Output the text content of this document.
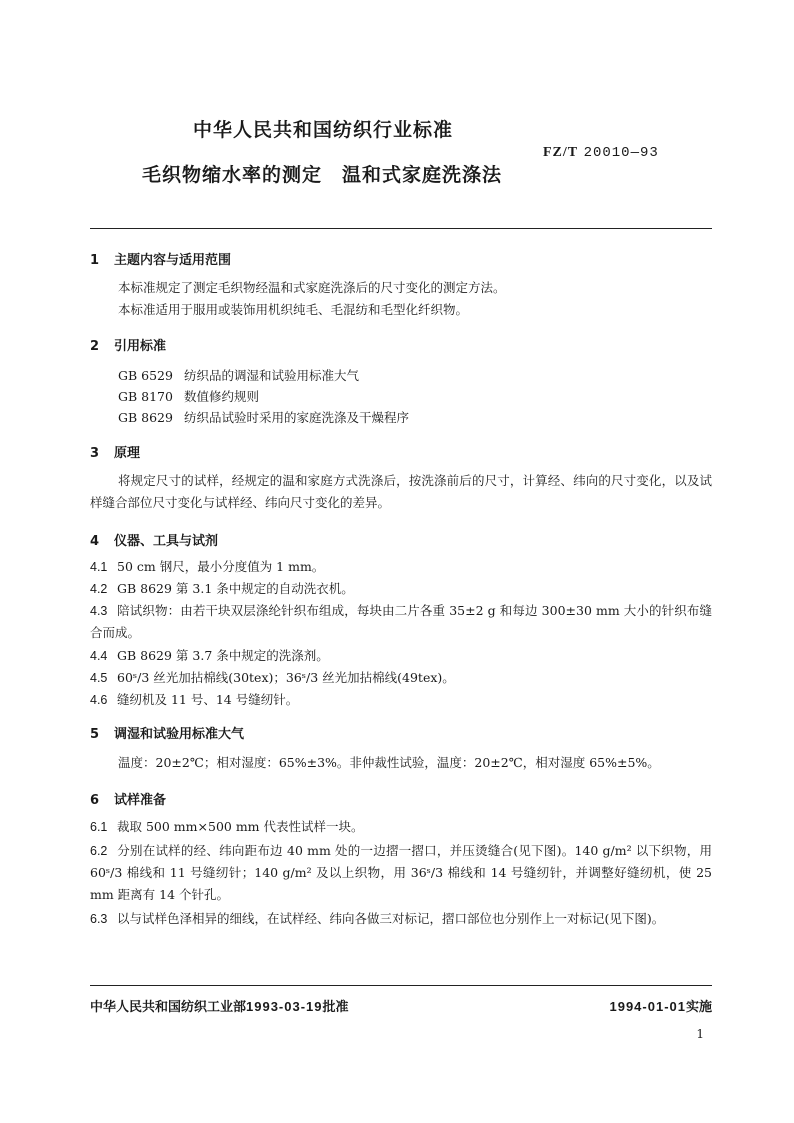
中华人民共和国纺织行业标准
FZ/T 20010—93
毛织物缩水率的测定　温和式家庭洗涤法
1 主题内容与适用范围
本标准规定了测定毛织物经温和式家庭洗涤后的尺寸变化的测定方法。
本标准适用于服用或装饰用机织纯毛、毛混纺和毛型化纤织物。
2 引用标准
GB 6529 纺织品的调湿和试验用标准大气
GB 8170 数值修约规则
GB 8629 纺织品试验时采用的家庭洗涤及干燥程序
3 原理
将规定尺寸的试样，经规定的温和家庭方式洗涤后，按洗涤前后的尺寸，计算经、纬向的尺寸变化，以及试样缝合部位尺寸变化与试样经、纬向尺寸变化的差异。
4 仪器、工具与试剂
4.1 50 cm 钢尺，最小分度值为 1 mm。
4.2 GB 8629 第 3.1 条中规定的自动洗衣机。
4.3 陪试织物：由若干块双层涤纶针织布组成，每块由二片各重 35±2 g 和每边 300±30 mm 大小的针织布缝合而成。
4.4 GB 8629 第 3.7 条中规定的洗涤剂。
4.5 60ˢ/3 丝光加拈棉线(30tex)；36ˢ/3 丝光加拈棉线(49tex)。
4.6 缝纫机及 11 号、14 号缝纫针。
5 调湿和试验用标准大气
温度：20±2℃；相对湿度：65%±3%。非仲裁性试验，温度：20±2℃，相对湿度 65%±5%。
6 试样准备
6.1 裁取 500 mm×500 mm 代表性试样一块。
6.2 分别在试样的经、纬向距布边 40 mm 处的一边摺一摺口，并压烫缝合(见下图)。140 g/m² 以下织物，用 60ˢ/3 棉线和 11 号缝纫针；140 g/m² 及以上织物，用 36ˢ/3 棉线和 14 号缝纫针，并调整好缝纫机，使 25 mm 距离有 14 个针孔。
6.3 以与试样色泽相异的细线，在试样经、纬向各做三对标记，摺口部位也分别作上一对标记(见下图)。
中华人民共和国纺织工业部1993-03-19批准	1994-01-01实施
1
